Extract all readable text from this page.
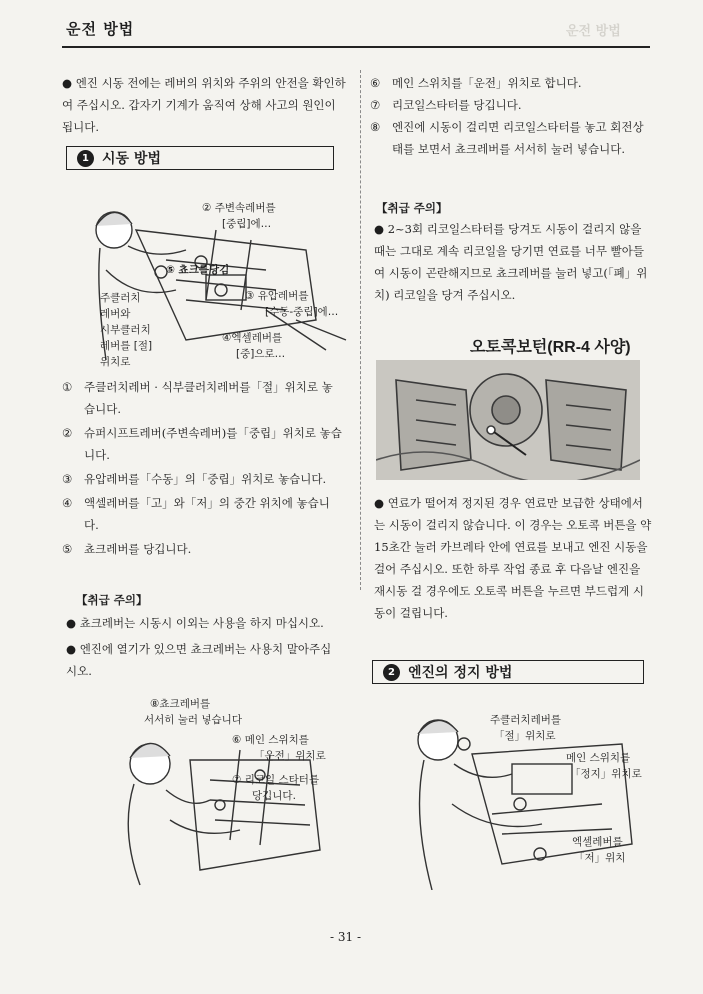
운전 방법	운전 방법
● 엔진 시동 전에는 레버의 위치와 주위의 안전을 확인하여 주십시오. 갑자기 기계가 움직여 상해 사고의 원인이 됩니다.
1 시동 방법
② 주변속레버를
[중립]에…
⑤ 쵸크를당김
주클러치
레버와
시부클러치
레버를 [절]
위치로
③ 유압레버를
[수동-중립]에…
④엑셀레버를
[중]으로…
①	주클러치레버 · 식부클러치레버를「절」위치로 놓습니다.
②	슈퍼시프트레버(주변속레버)를「중립」위치로 놓습니다.
③	유압레버를「수동」의「중립」위치로 놓습니다.
④	액셀레버를「고」와「저」의 중간 위치에 놓습니다.
⑤	쵸크레버를 당깁니다.
【취급 주의】
● 쵸크레버는 시동시 이외는 사용을 하지 마십시오.
● 엔진에 열기가 있으면 쵸크레버는 사용치 말아주십시오.
⑧쵸크레버를
서서히 눌러 넣습니다
⑥ 메인 스위치를
「운전」위치로
⑦ 리코일 스타터를
당깁니다.
⑥	메인 스위치를「운전」위치로 합니다.
⑦	리코일스타터를 당깁니다.
⑧	엔진에 시동이 걸리면 리코일스타터를 놓고 회전상태를 보면서 쵸크레버를 서서히 눌러 넣습니다.
【취급 주의】
● 2~3회 리코일스타터를 당겨도 시동이 걸리지 않을 때는 그대로 계속 리코일을 당기면 연료를 너무 빨아들여 시동이 곤란해지므로 쵸크레버를 눌러 넣고(「폐」위치) 리코일을 당겨 주십시오.
오토콕보턴(RR-4 사양)
● 연료가 떨어져 정지된 경우 연료만 보급한 상태에서는 시동이 걸리지 않습니다. 이 경우는 오토콕 버튼을 약 15초간 눌러 카브레타 안에 연료를 보내고 엔진 시동을 걸어 주십시오. 또한 하루 작업 종료 후 다음날 엔진을 재시동 걸 경우에도 오토콕 버튼을 누르면 부드럽게 시동이 걸립니다.
2 엔진의 정지 방법
주클러치레버를
「절」위치로
메인 스위치를
「정지」위치로
엑셀레버를
「저」위치
- 31 -
